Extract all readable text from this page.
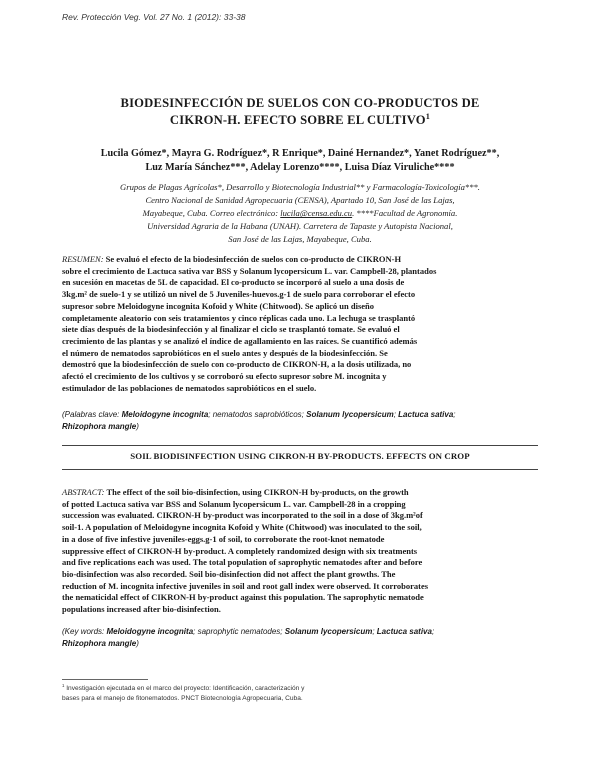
Rev. Protección Veg. Vol. 27 No. 1 (2012): 33-38

BIODESINFECCIÓN DE SUELOS CON CO-PRODUCTOS DE

CIKRON-H. EFECTO SOBRE EL CULTIVO$^1$

Lucila Gómez*, Mayra G. Rodríguez*, R Enrique*, Dainé Hernandez*, Yanet Rodríguez**,

Luz María Sánchez***, Adelay Lorenzo****, Luisa Díaz Viruliche****

Grupos de Plagas Agrícolas*, Desarrollo y Biotecnología Industrial** y Farmacología-Toxicología***.

Centro Nacional de Sanidad Agropecuaria (CENSA), Apartado 10, San José de las Lajas,

Mayabeque, Cuba. Correo electrónico: lucila@censa.edu.cu. ****Facultad de Agronomía.

Universidad Agraria de la Habana (UNAH). Carretera de Tapaste y Autopista Nacional,

San José de las Lajas, Mayabeque, Cuba.

RESUMEN: Se evaluó el efecto de la biodesinfección de suelos con co-producto de CIKRON-H

sobre el crecimiento de Lactuca sativa var BSS y Solanum lycopersicum L. var. Campbell-28, plantados

en sucesión en macetas de 5L de capacidad. El co-producto se incorporó al suelo a una dosis de

3kg.m² de suelo-1 y se utilizó un nivel de 5 Juveniles-huevos.g-1 de suelo para corroborar el efecto

supresor sobre Meloidogyne incognita Kofoid y White (Chitwood). Se aplicó un diseño

completamente aleatorio con seis tratamientos y cinco réplicas cada uno. La lechuga se trasplantó

siete días después de la biodesinfección y al finalizar el ciclo se trasplantó tomate. Se evaluó el

crecimiento de las plantas y se analizó el índice de agallamiento en las raíces. Se cuantificó además

el número de nematodos saprobióticos en el suelo antes y después de la biodesinfección. Se

demostró que la biodesinfección de suelo con co-producto de CIKRON-H, a la dosis utilizada, no

afectó el crecimiento de los cultivos y se corroboró su efecto supresor sobre M. incognita y

estimulador de las poblaciones de nematodos saprobióticos en el suelo.

(Palabras clave: Meloidogyne incognita; nematodos saprobióticos; Solanum lycopersicum; Lactuca sativa;
Rhizophora mangle)
SOIL BIODISINFECTION USING CIKRON-H BY-PRODUCTS. EFFECTS ON CROP

ABSTRACT: The effect of the soil bio-disinfection, using CIKRON-H by-products, on the growth

of potted Lactuca sativa var BSS and Solanum lycopersicum L. var. Campbell-28 in a cropping

succession was evaluated. CIKRON-H by-product was incorporated to the soil in a dose of 3kg.m²of

soil-1. A population of Meloidogyne incognita Kofoid y White (Chitwood) was inoculated to the soil,

in a dose of five infestive juveniles-eggs.g-1 of soil, to corroborate the root-knot nematode

suppressive effect of CIKRON-H by-product. A completely randomized design with six treatments

and five replications each was used. The total population of saprophytic nematodes after and before

bio-disinfection was also recorded. Soil bio-disinfection did not affect the plant growths. The

reduction of M. incognita infective juveniles in soil and root gall index were observed. It corroborates

the nematicidal effect of CIKRON-H by-product against this population. The saprophytic nematode

populations increased after bio-disinfection.

(Key words: Meloidogyne incognita; saprophytic nematodes; Solanum lycopersicum; Lactuca sativa;
Rhizophora mangle)

$^1$ Investigación ejecutada en el marco del proyecto: Identificación, caracterización y

bases para el manejo de fitonematodos. PNCT Biotecnología Agropecuaria, Cuba.
